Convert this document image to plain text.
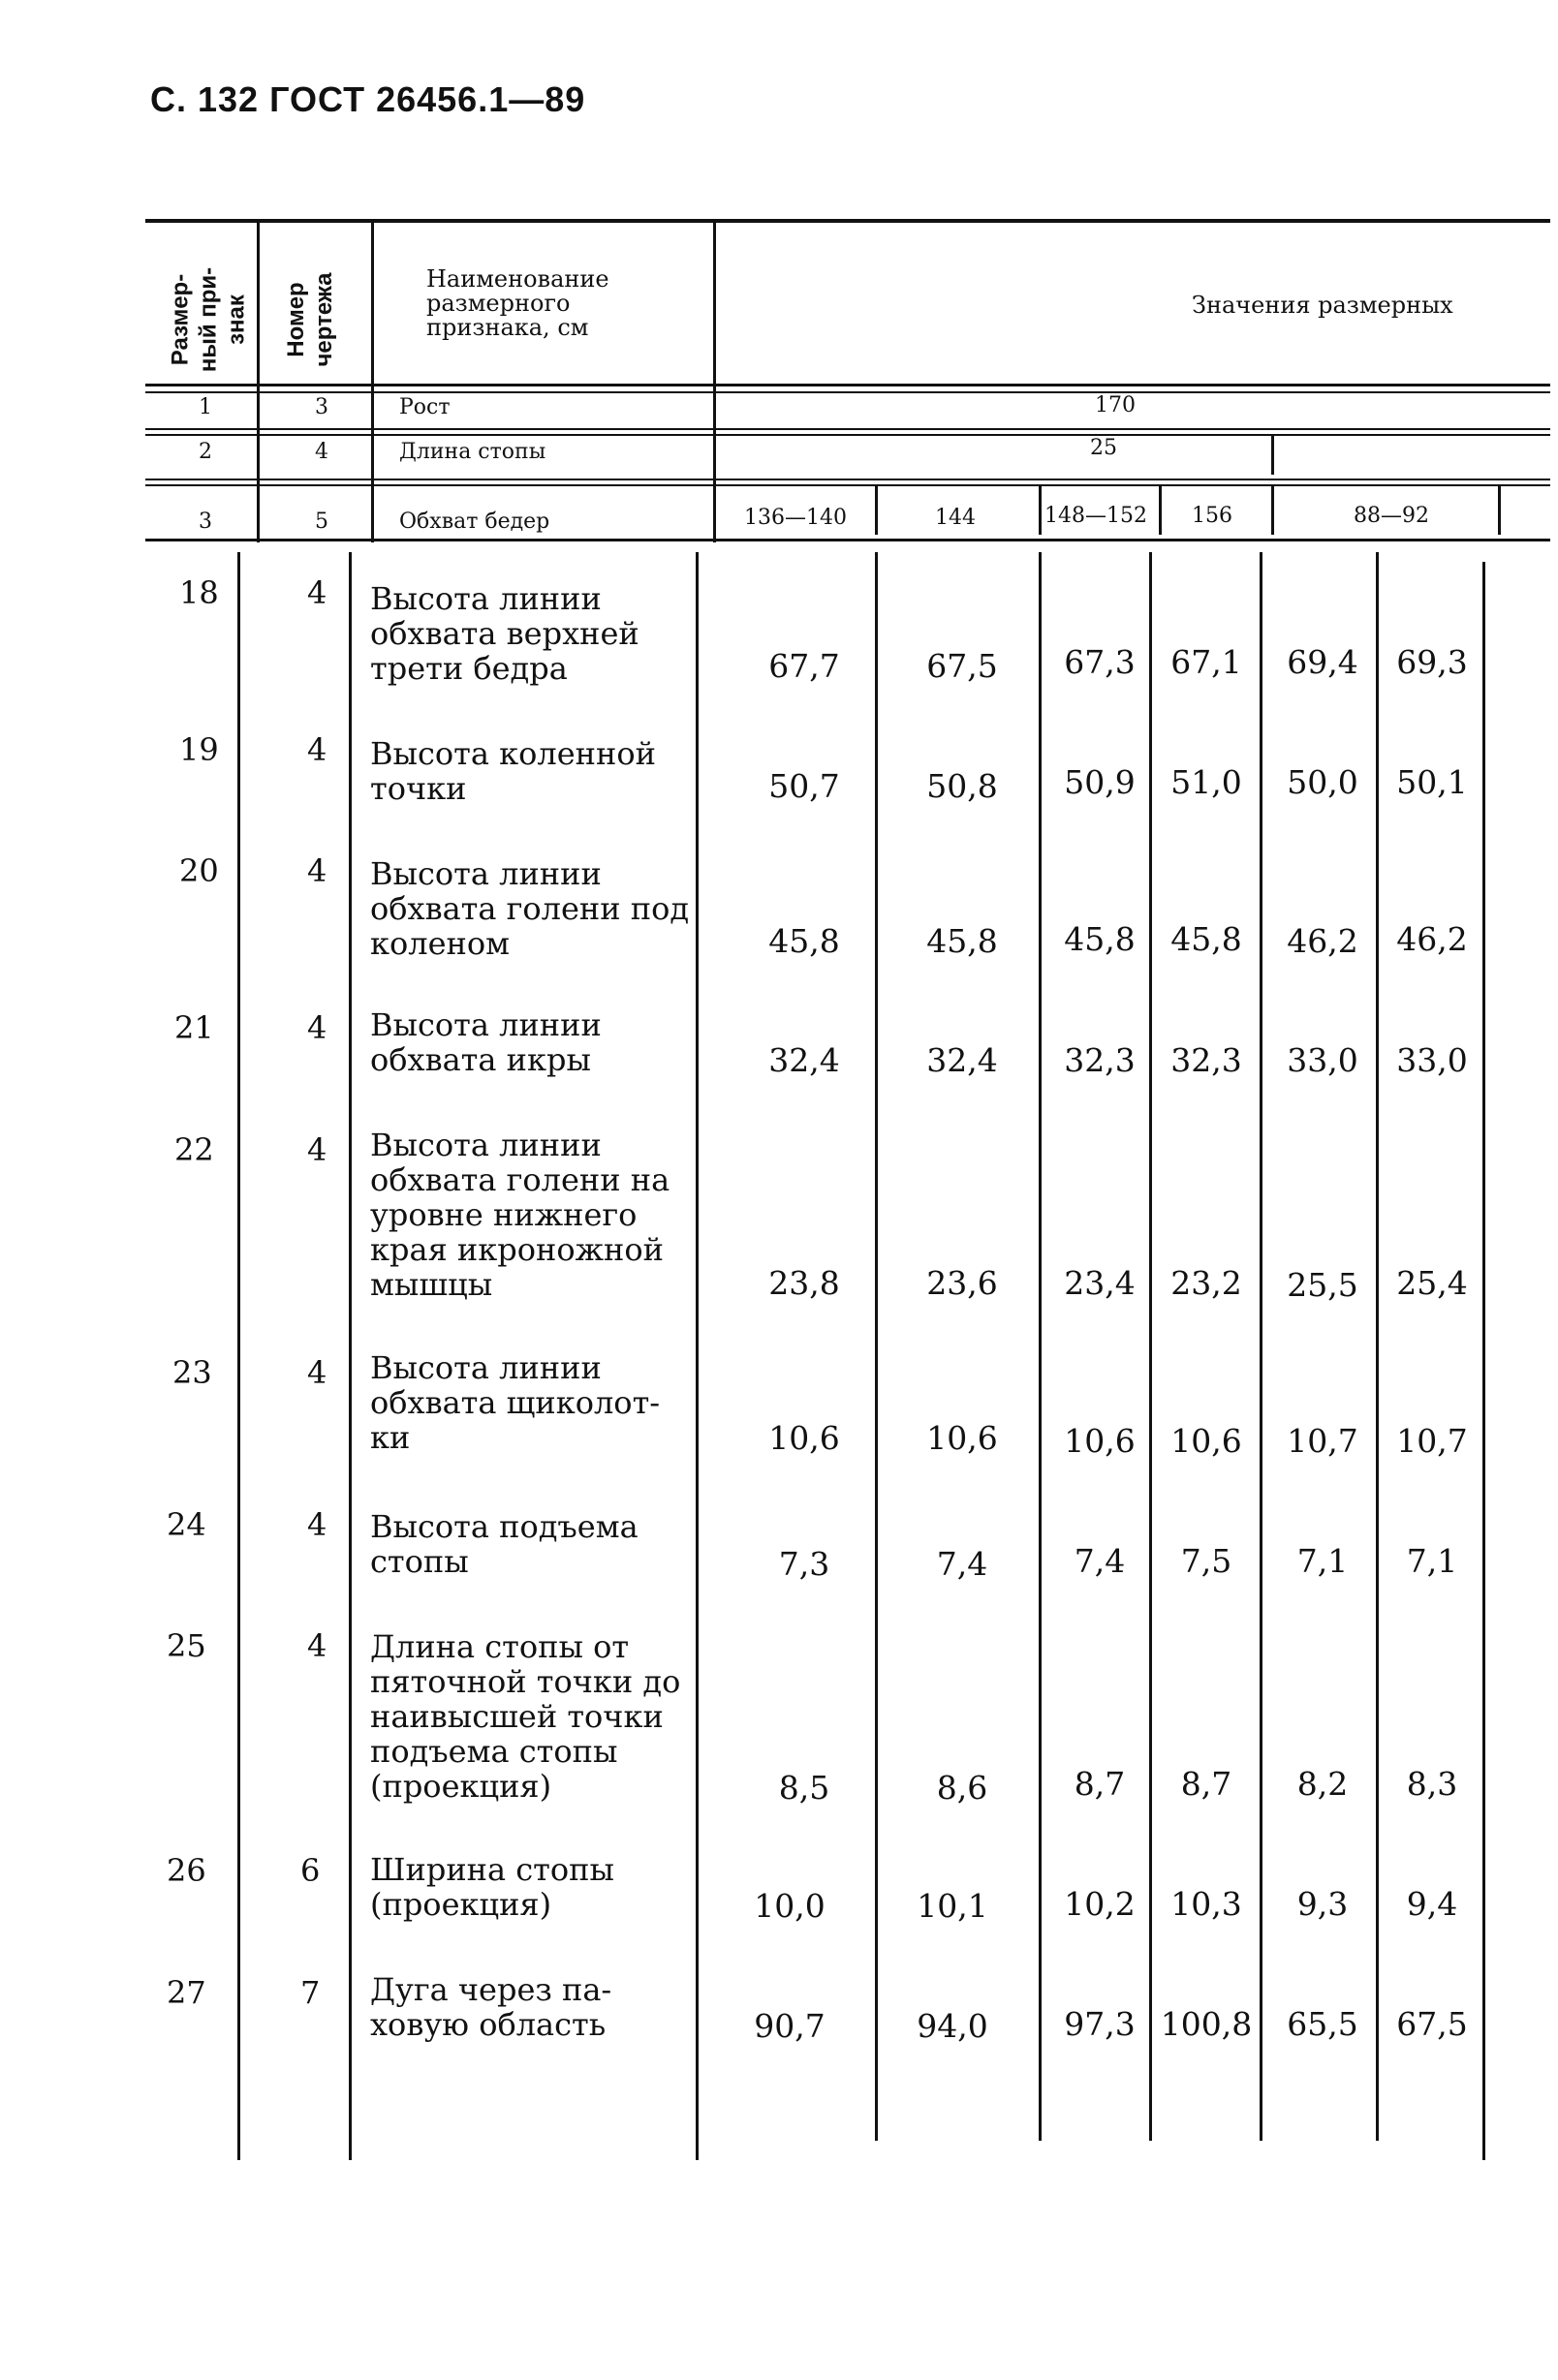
С. 132 ГОСТ 26456.1—89
Размер-
ный при-
знак Номер
чертежа	Наименование
размерного
признака, см
Значения размерных
1	3	Рост	170
2	4	Длина стопы	25
3	5	Обхват бедер	136—140	144	148—152 156	88—92
18	4 Высота линии обхвата верхней трети бедра	67,7	67,5	67,3 67,1 69,4 69,3
19	4 Высота коленной точки	50,7	50,8	50,9 51,0 50,0 50,1
20	4 Высота линии обхвата голени под коленом	45,8	45,8	45,8 45,8 46,2 46,2
21	4 Высота линии обхвата икры	32,4	32,4	32,3 32,3 33,0 33,0
22	4 Высота линии обхвата голени на уровне нижнего края икроножной мышцы	23,8	23,6	23,4 23,2 25,5 25,4
23	4 Высота линии обхвата щиколот-ки	10,6	10,6	10,6 10,6 10,7 10,7
24	4 Высота подъема стопы	7,3	7,4	7,4	7,5	7,1	7,1
25	4 Длина стопы от пяточной точки до наивысшей точки подъема стопы (проекция)	8,5	8,6	8,7	8,7	8,2	8,3
26	6 Ширина стопы (проекция)	10,0	10,1	10,2 10,3	9,3	9,4
27	7 Дуга через па-ховую область	90,7	94,0	97,3 100,8 65,5 67,5
